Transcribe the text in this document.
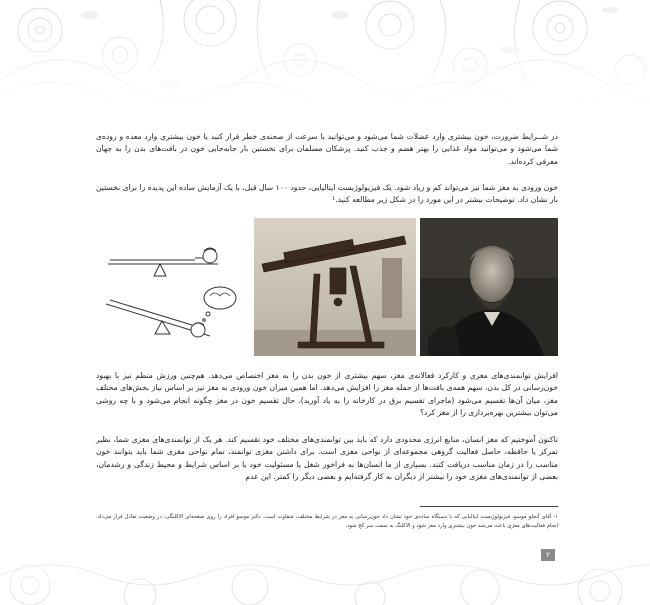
در شــرایط ضرورت، خون بیشتری وارد عضلات شما می‌شود و می‌توانید با سرعت از صحنه‌ی خطر فرار کنید یا خون بیشتری وارد معده و روده‌ی شما می‌شود و می‌توانید مواد غذایی را بهتر هضم و جذب کنید. پزشکان مسلمان برای نخستین بار جابه‌جایی خون در بافت‌های بدن را به جهان معرفی کرده‌اند.

خون ورودی به مغز شما نیز می‌تواند کم و زیاد شود. یک فیزیولوژیست ایتالیایی، حدود ۱۰۰ سال قبل، با یک آزمایش ساده این پدیده را برای نخستین بار نشان داد. توضیحات بیشتر در این مورد را در شکل زیر مطالعه کنید.¹

افزایش توانمندی‌های مغزی و کارکرد فعالانه‌ی مغز، سهم بیشتری از خون بدن را به مغز اختصاص می‌دهد. هم‌چنین ورزش منظم نیز با بهبود خون‌رسانی در کل بدن، سهم همه‌ی بافت‌ها از جمله مغز را افزایش می‌دهد. اما همین میزان خون ورودی به مغز نیز بر اساس نیاز بخش‌های مختلف مغز، میان آن‌ها تقسیم می‌شود (ماجرای تقسیم برق در کارخانه را به یاد آورید). حال تقسیم خون در مغز چگونه انجام می‌شود و با چه روشی می‌توان بیشترین بهره‌برداری را از مغز کرد؟

تاکنون آموختیم که مغز انسان، منابع انرژی محدودی دارد که باید بین توانمندی‌های مختلف خود تقسیم کند. هر یک از توانمندی‌های مغزی شما، نظیر تمرکز یا حافظه، حاصل فعالیت گروهی مجموعه‌ای از نواحی مغزی است. برای داشتن مغزی توانمند، تمام نواحی مغزی شما باید بتوانند خون مناسب را در زمان مناسب دریافت کنند. بسیاری از ما انسان‌ها به فراخور شغل یا مسئولیت خود یا بر اساس شرایط و محیط زندگی و رشدمان، بعضی از توانمندی‌های مغزی خود را بیشتر از دیگران به کار گرفته‌ایم و بعضی دیگر را کمتر. این عدم

۱- آقای آنجلو موسو، فیزیولوژیست ایتالیایی که با دستگاه ساده‌ی خود نشان داد خون‌رسانی به مغز در شرایط مختلف، متفاوت است. دکتر موسو افراد را روی صفحه‌ای الاکلنگی، در وضعیت تعادل قرار می‌داد. انجام فعالیت‌های مغزی باعث می‌شد خون بیشتری وارد مغز شود و الاکلنگ به سمت سر کج شود.

۲
